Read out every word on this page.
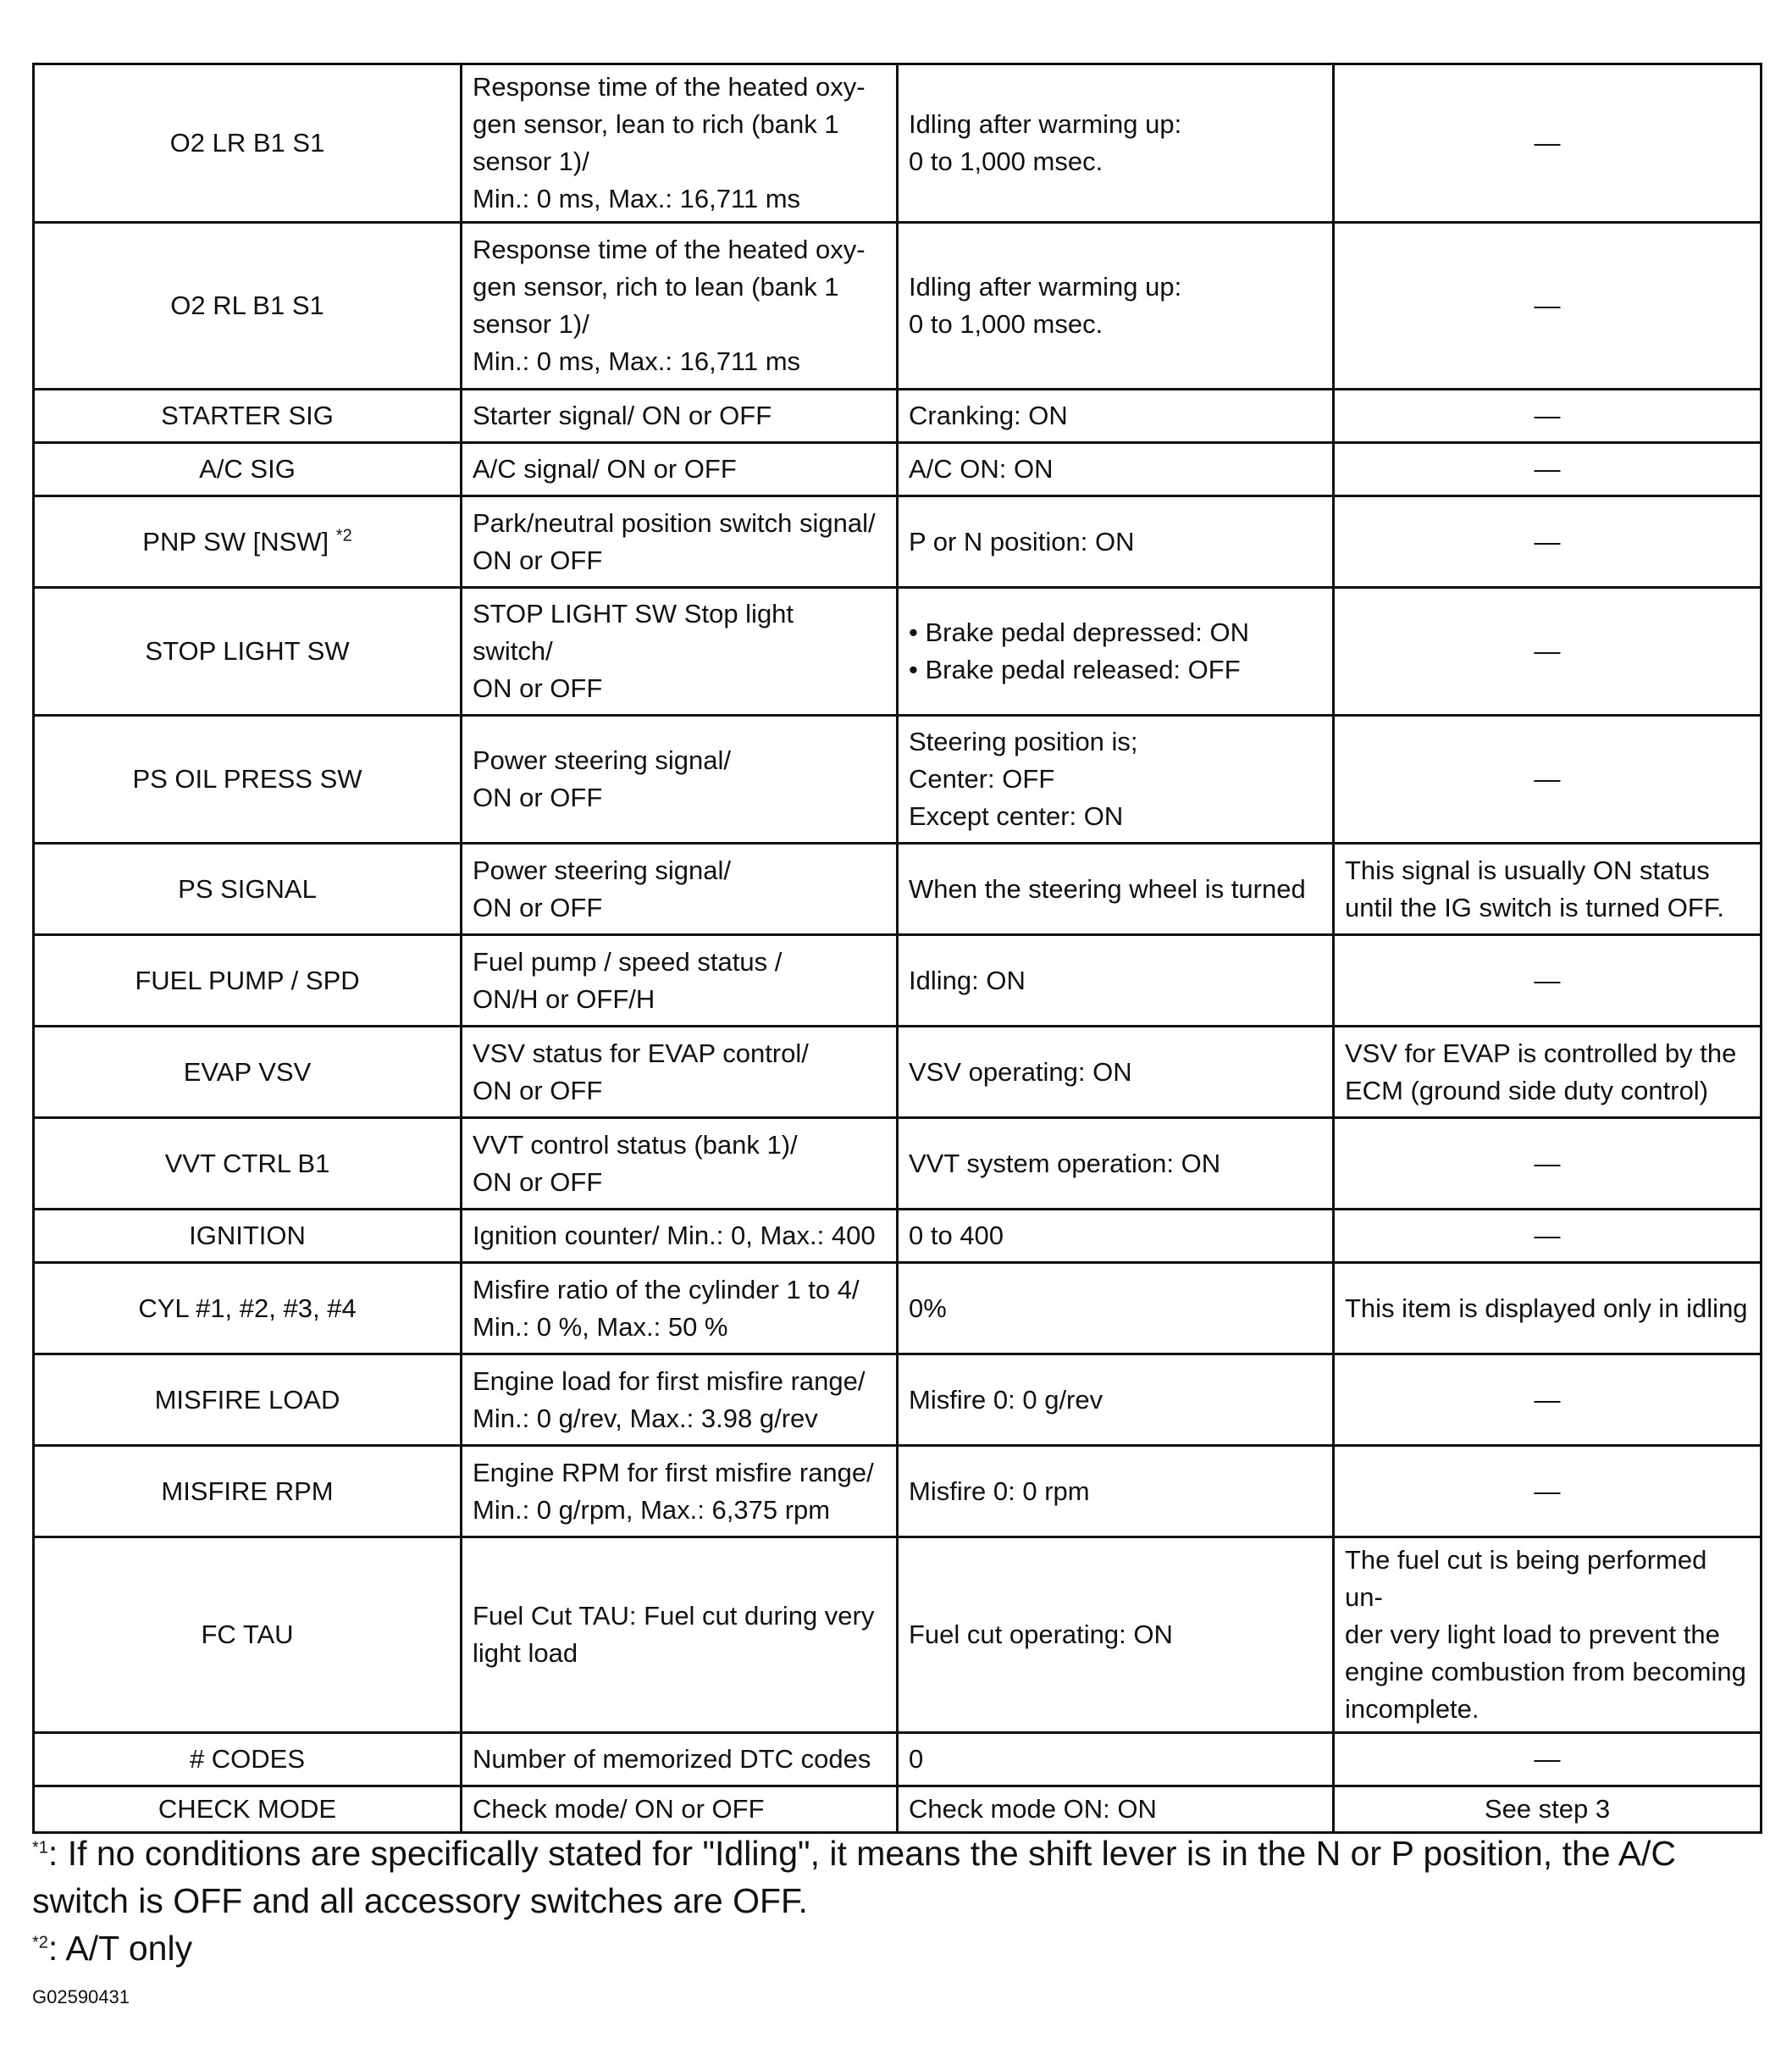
O2 LR B1 S1	Response time of the heated oxy-
gen sensor, lean to rich (bank 1
sensor 1)/
Min.: 0 ms, Max.: 16,711 ms	Idling after warming up:
0 to 1,000 msec.	—

O2 RL B1 S1	Response time of the heated oxy-
gen sensor, rich to lean (bank 1
sensor 1)/
Min.: 0 ms, Max.: 16,711 ms	Idling after warming up:
0 to 1,000 msec.	—

STARTER SIG	Starter signal/ ON or OFF	Cranking: ON	—

A/C SIG	A/C signal/ ON or OFF	A/C ON: ON	—

PNP SW [NSW] $^{*2}$	Park/neutral position switch signal/
ON or OFF	P or N position: ON	—

STOP LIGHT SW	STOP LIGHT SW Stop light
switch/
ON or OFF	• Brake pedal depressed: ON
• Brake pedal released: OFF	—

PS OIL PRESS SW	Power steering signal/
ON or OFF	Steering position is;
Center: OFF
Except center: ON	—

PS SIGNAL	Power steering signal/
ON or OFF	When the steering wheel is turned	This signal is usually ON status
until the IG switch is turned OFF.

FUEL PUMP / SPD	Fuel pump / speed status /
ON/H or OFF/H	Idling: ON	—

EVAP VSV	VSV status for EVAP control/
ON or OFF	VSV operating: ON	VSV for EVAP is controlled by the
ECM (ground side duty control)

VVT CTRL B1	VVT control status (bank 1)/
ON or OFF	VVT system operation: ON	—

IGNITION	Ignition counter/ Min.: 0, Max.: 400	0 to 400	—

CYL #1, #2, #3, #4	Misfire ratio of the cylinder 1 to 4/
Min.: 0 %, Max.: 50 %	0%	This item is displayed only in idling

MISFIRE LOAD	Engine load for first misfire range/
Min.: 0 g/rev, Max.: 3.98 g/rev	Misfire 0: 0 g/rev	—

MISFIRE RPM	Engine RPM for first misfire range/
Min.: 0 g/rpm, Max.: 6,375 rpm	Misfire 0: 0 rpm	—

FC TAU	Fuel Cut TAU: Fuel cut during very
light load	Fuel cut operating: ON	The fuel cut is being performed un-
der very light load to prevent the
engine combustion from becoming
incomplete.

# CODES	Number of memorized DTC codes	0	—

CHECK MODE	Check mode/ ON or OFF	Check mode ON: ON	See step 3
$^{*1}$: If no conditions are specifically stated for "Idling", it means the shift lever is in the N or P position, the A/C switch is OFF and all accessory switches are OFF.
$^{*2}$: A/T only
G02590431
